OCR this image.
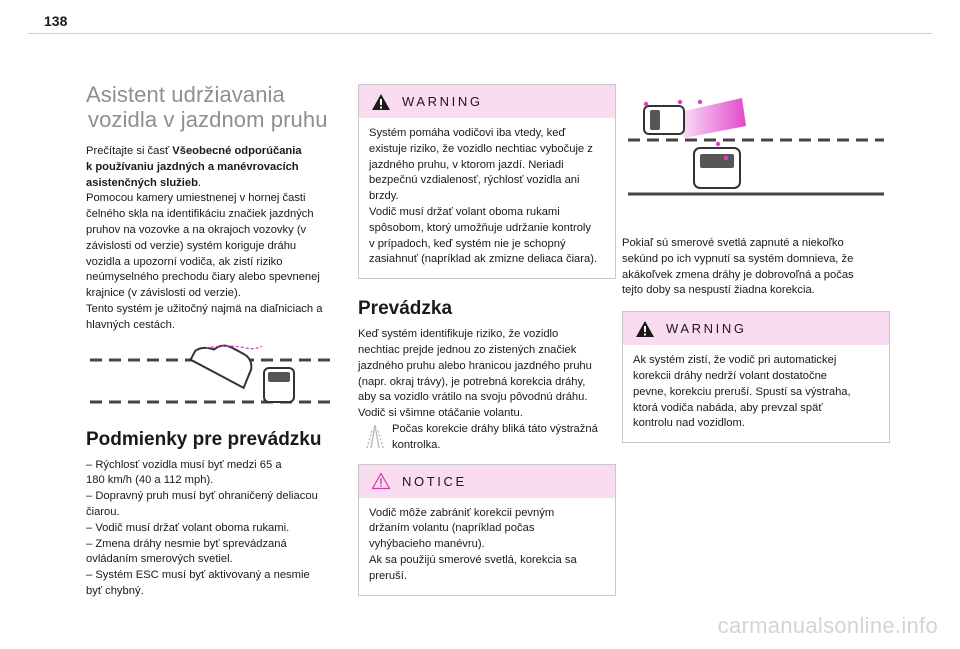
138
Asistent udržiavania

vozidla v jazdnom pruhu
Prečítajte si časť Všeobecné odporúčania
k používaniu jazdných a manévrovacích
asistenčných služieb.
Pomocou kamery umiestnenej v hornej časti
čelného skla na identifikáciu značiek jazdných
pruhov na vozovke a na okrajoch vozovky (v
závislosti od verzie) systém koriguje dráhu
vozidla a upozorní vodiča, ak zistí riziko
neúmyselného prechodu čiary alebo spevnenej
krajnice (v závislosti od verzie).
Tento systém je užitočný najmä na diaľniciach a
hlavných cestách.
Podmienky pre prevádzku
– Rýchlosť vozidla musí byť medzi 65 a
180 km/h (40 a 112 mph).
– Dopravný pruh musí byť ohraničený deliacou
čiarou.
– Vodič musí držať volant oboma rukami.
– Zmena dráhy nesmie byť sprevádzaná
ovládaním smerových svetiel.
– Systém ESC musí byť aktivovaný a nesmie
byť chybný.
WARNING
Systém pomáha vodičovi iba vtedy, keď
existuje riziko, že vozidlo nechtiac vybočuje z
jazdného pruhu, v ktorom jazdí. Neriadi
bezpečnú vzdialenosť, rýchlosť vozidla ani
brzdy.
Vodič musí držať volant oboma rukami
spôsobom, ktorý umožňuje udržanie kontroly
v prípadoch, keď systém nie je schopný
zasiahnuť (napríklad ak zmizne deliaca čiara).
Prevádzka
Keď systém identifikuje riziko, že vozidlo
nechtiac prejde jednou zo zistených značiek
jazdného pruhu alebo hranicou jazdného pruhu
(napr. okraj trávy), je potrebná korekcia dráhy,
aby sa vozidlo vrátilo na svoju pôvodnú dráhu.
Vodič si všimne otáčanie volantu.
Počas korekcie dráhy bliká táto výstražná
kontrolka.
NOTICE
Vodič môže zabrániť korekcii pevným
držaním volantu (napríklad počas
vyhýbacieho manévru).
Ak sa použijú smerové svetlá, korekcia sa
preruší.
Pokiaľ sú smerové svetlá zapnuté a niekoľko
sekúnd po ich vypnutí sa systém domnieva, že
akákoľvek zmena dráhy je dobrovoľná a počas
tejto doby sa nespustí žiadna korekcia.
WARNING
Ak systém zistí, že vodič pri automatickej
korekcii dráhy nedrží volant dostatočne
pevne, korekciu preruší. Spustí sa výstraha,
ktorá vodiča nabáda, aby prevzal späť
kontrolu nad vozidlom.
carmanualsonline.info
